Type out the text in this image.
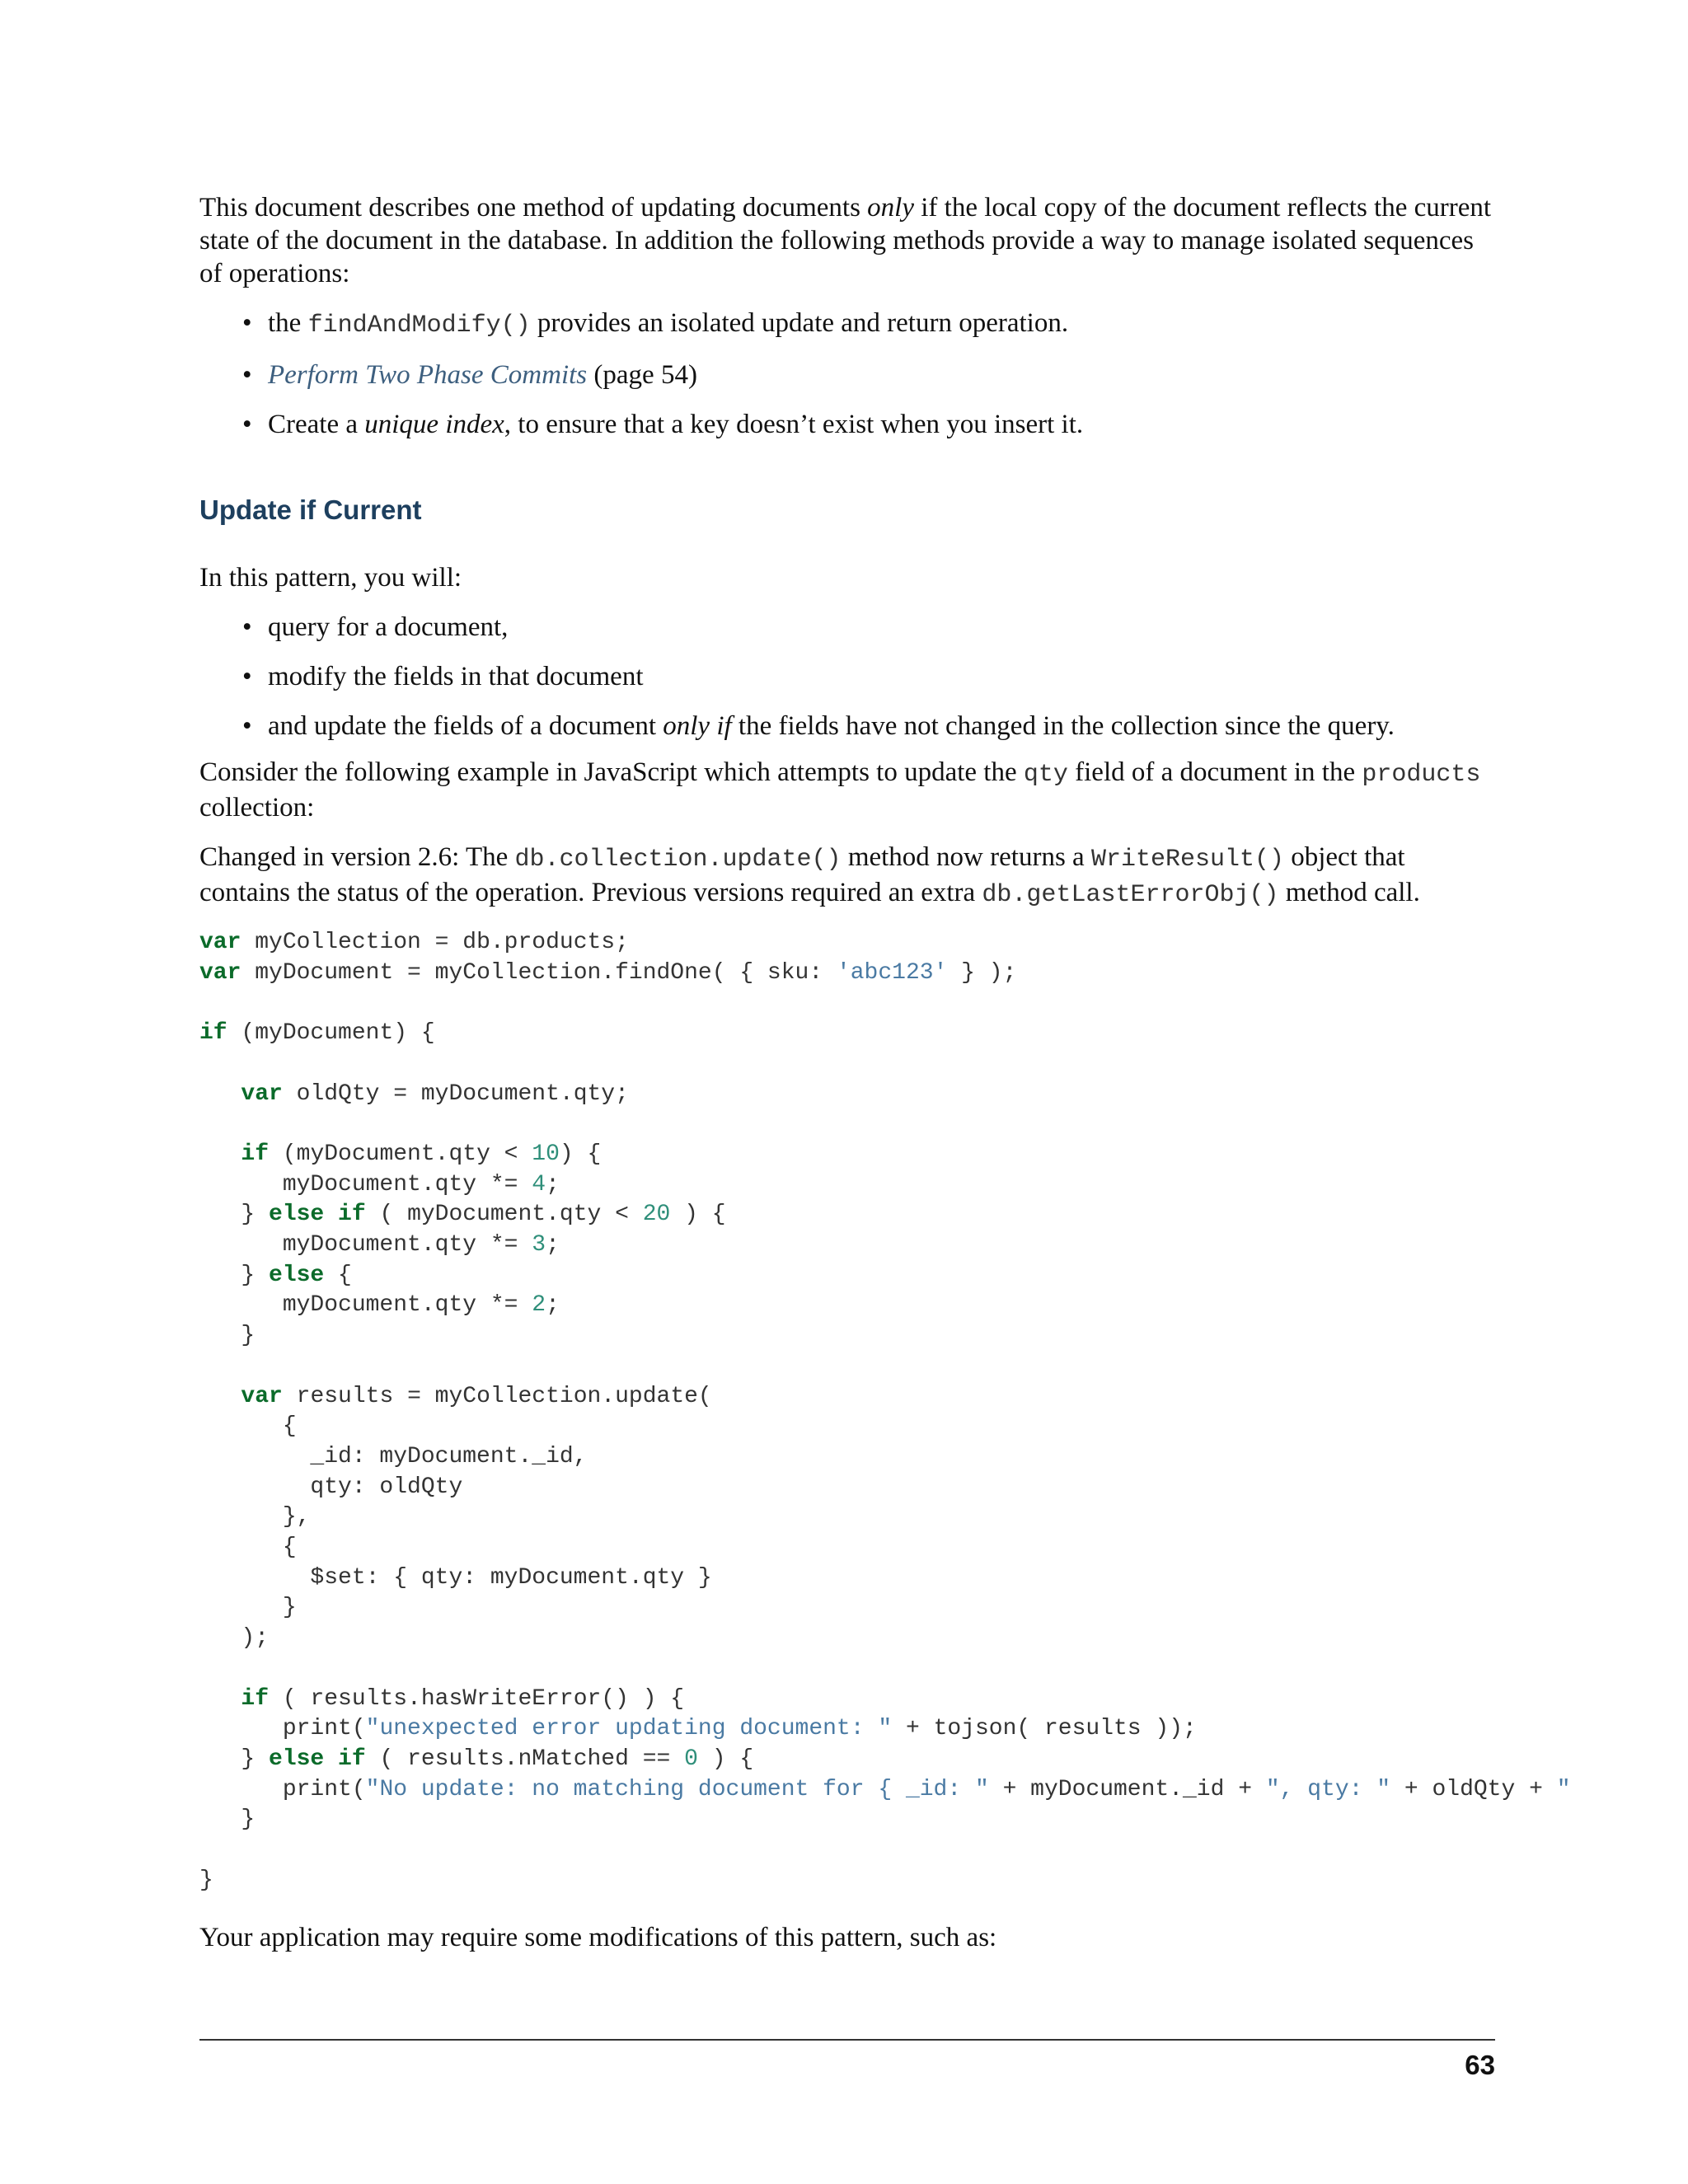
This document describes one method of updating documents only if the local copy of the document reflects the current state of the document in the database. In addition the following methods provide a way to manage isolated sequences of operations:

• the findAndModify() provides an isolated update and return operation.
• Perform Two Phase Commits (page 54)
• Create a unique index, to ensure that a key doesn’t exist when you insert it.
Update if Current

In this pattern, you will:

• query for a document,
• modify the fields in that document
• and update the fields of a document only if the fields have not changed in the collection since the query.

Consider the following example in JavaScript which attempts to update the qty field of a document in the products collection:

Changed in version 2.6: The db.collection.update() method now returns a WriteResult() object that contains the status of the operation. Previous versions required an extra db.getLastErrorObj() method call.

var myCollection = db.products;
var myDocument = myCollection.findOne( { sku: 'abc123' } );

if (myDocument) {

var oldQty = myDocument.qty;

if (myDocument.qty < 10) {
myDocument.qty *= 4;
} else if ( myDocument.qty < 20 ) {
myDocument.qty *= 3;
} else {
myDocument.qty *= 2;
}

var results = myCollection.update(
{
_id: myDocument._id,
qty: oldQty
},
{
$set: { qty: myDocument.qty }
}
);

if ( results.hasWriteError() ) {
print("unexpected error updating document: " + tojson( results ));
} else if ( results.nMatched == 0 ) {
print("No update: no matching document for { _id: " + myDocument._id + ", qty: " + oldQty + "
}

}

Your application may require some modifications of this pattern, such as:

63
